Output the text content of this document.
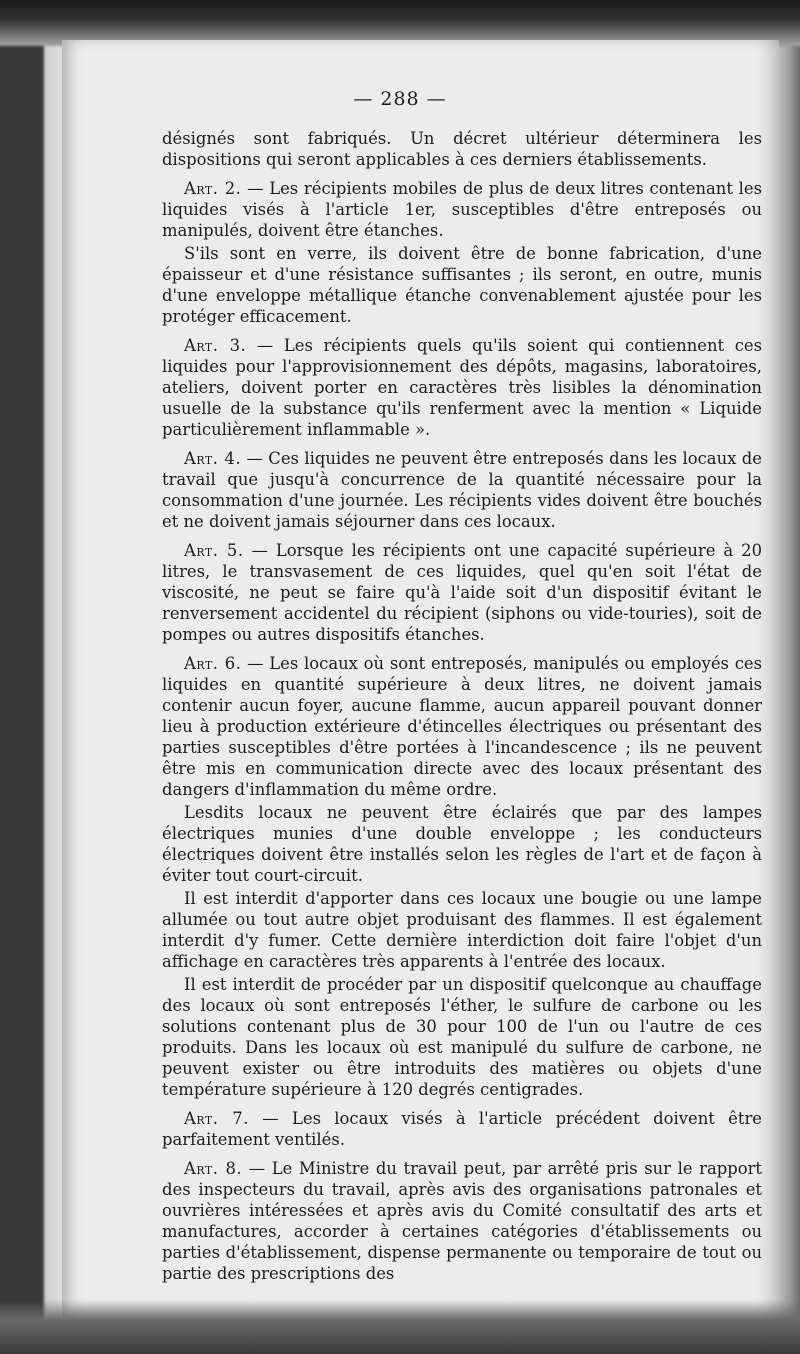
— 288 —

désignés sont fabriqués. Un décret ultérieur déterminera les dispositions qui seront applicables à ces derniers établissements.

Art. 2. — Les récipients mobiles de plus de deux litres contenant les liquides visés à l'article 1er, susceptibles d'être entreposés ou manipulés, doivent être étanches.

S'ils sont en verre, ils doivent être de bonne fabrication, d'une épaisseur et d'une résistance suffisantes ; ils seront, en outre, munis d'une enveloppe métallique étanche convenablement ajustée pour les protéger efficacement.

Art. 3. — Les récipients quels qu'ils soient qui contiennent ces liquides pour l'approvisionnement des dépôts, magasins, laboratoires, ateliers, doivent porter en caractères très lisibles la dénomination usuelle de la substance qu'ils renferment avec la mention « Liquide particulièrement inflammable ».

Art. 4. — Ces liquides ne peuvent être entreposés dans les locaux de travail que jusqu'à concurrence de la quantité nécessaire pour la consommation d'une journée. Les récipients vides doivent être bouchés et ne doivent jamais séjourner dans ces locaux.

Art. 5. — Lorsque les récipients ont une capacité supérieure à 20 litres, le transvasement de ces liquides, quel qu'en soit l'état de viscosité, ne peut se faire qu'à l'aide soit d'un dispositif évitant le renversement accidentel du récipient (siphons ou vide-touries), soit de pompes ou autres dispositifs étanches.

Art. 6. — Les locaux où sont entreposés, manipulés ou employés ces liquides en quantité supérieure à deux litres, ne doivent jamais contenir aucun foyer, aucune flamme, aucun appareil pouvant donner lieu à production extérieure d'étincelles électriques ou présentant des parties susceptibles d'être portées à l'incandescence ; ils ne peuvent être mis en communication directe avec des locaux présentant des dangers d'inflammation du même ordre.

Lesdits locaux ne peuvent être éclairés que par des lampes électriques munies d'une double enveloppe ; les conducteurs électriques doivent être installés selon les règles de l'art et de façon à éviter tout court-circuit.

Il est interdit d'apporter dans ces locaux une bougie ou une lampe allumée ou tout autre objet produisant des flammes. Il est également interdit d'y fumer. Cette dernière interdiction doit faire l'objet d'un affichage en caractères très apparents à l'entrée des locaux.

Il est interdit de procéder par un dispositif quelconque au chauffage des locaux où sont entreposés l'éther, le sulfure de carbone ou les solutions contenant plus de 30 pour 100 de l'un ou l'autre de ces produits. Dans les locaux où est manipulé du sulfure de carbone, ne peuvent exister ou être introduits des matières ou objets d'une température supérieure à 120 degrés centigrades.

Art. 7. — Les locaux visés à l'article précédent doivent être parfaitement ventilés.

Art. 8. — Le Ministre du travail peut, par arrêté pris sur le rapport des inspecteurs du travail, après avis des organisations patronales et ouvrières intéressées et après avis du Comité consultatif des arts et manufactures, accorder à certaines catégories d'établissements ou parties d'établissement, dispense permanente ou temporaire de tout ou partie des prescriptions des
